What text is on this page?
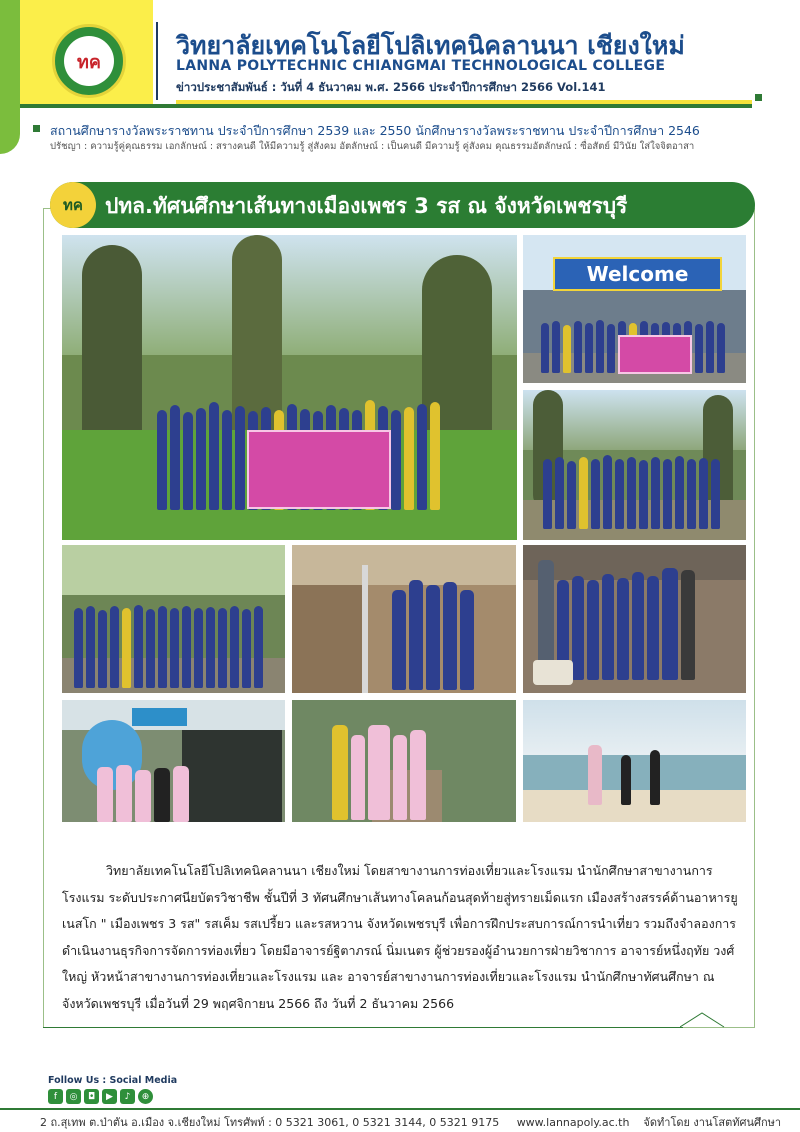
ทค
วิทยาลัยเทคโนโลยีโปลิเทคนิคลานนา เชียงใหม่
LANNA POLYTECHNIC CHIANGMAI TECHNOLOGICAL COLLEGE
ข่าวประชาสัมพันธ์ : วันที่ 4 ธันวาคม พ.ศ. 2566 ประจำปีการศึกษา 2566 Vol.141
สถานศึกษารางวัลพระราชทาน ประจำปีการศึกษา 2539 และ 2550 นักศึกษารางวัลพระราชทาน ประจำปีการศึกษา 2546
ปรัชญา : ความรู้คู่คุณธรรม เอกลักษณ์ : สรางคนดี ให้มีความรู้ สู่สังคม อัตลักษณ์ : เป็นคนดี มีความรู้ คู่สังคม คุณธรรมอัตลักษณ์ : ซื่อสัตย์ มีวินัย ใส่ใจจิตอาสา
ทค	ปทล.ทัศนศึกษาเส้นทางเมืองเพชร 3 รส ณ จังหวัดเพชรบุรี
Welcome

วิทยาลัยเทคโนโลยีโปลิเทคนิคลานนา เชียงใหม่ โดยสาขางานการท่องเที่ยวและโรงแรม นำนักศึกษาสาขางานการโรงแรม ระดับประกาศนียบัตรวิชาชีพ ชั้นปีที่ 3 ทัศนศึกษาเส้นทางโคลนก้อนสุดท้ายสู่ทรายเม็ดแรก เมืองสร้างสรรค์ด้านอาหารยูเนสโก " เมืองเพชร 3 รส" รสเค็ม รสเปรี้ยว และรสหวาน จังหวัดเพชรบุรี เพื่อการฝึกประสบการณ์การนำเที่ยว รวมถึงจำลองการดำเนินงานธุรกิจการจัดการท่องเที่ยว โดยมีอาจารย์ฐิตาภรณ์ นิ่มเนตร ผู้ช่วยรองผู้อำนวยการฝ่ายวิชาการ อาจารย์หนึ่งฤทัย วงศ์ใหญ่ หัวหน้าสาขางานการท่องเที่ยวและโรงแรม และ อาจารย์สาขางานการท่องเที่ยวและโรงแรม นำนักศึกษาทัศนศึกษา ณ จังหวัดเพชรบุรี เมื่อวันที่ 29 พฤศจิกายน 2566 ถึง วันที่ 2 ธันวาคม 2566

Follow Us : Social Media
f	◎	◘	▶	♪	⊕
2 ถ.สุเทพ ต.ป่าตัน อ.เมือง จ.เชียงใหม่ โทรศัพท์ : 0 5321 3061, 0 5321 3144, 0 5321 9175 www.lannapoly.ac.th จัดทำโดย งานโสตทัศนศึกษา
